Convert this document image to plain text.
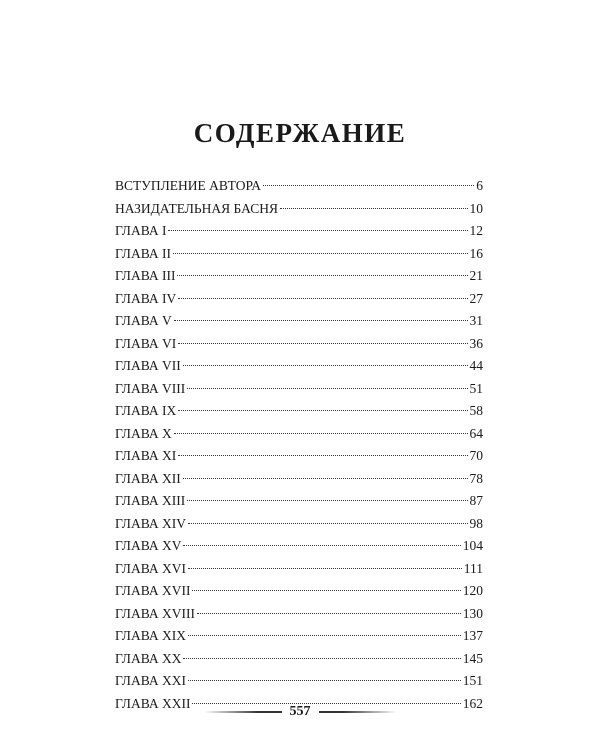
СОДЕРЖАНИЕ
ВСТУПЛЕНИЕ АВТОРА	6
НАЗИДАТЕЛЬНАЯ БАСНЯ	10
ГЛАВА I	12
ГЛАВА II	16
ГЛАВА III	21
ГЛАВА IV	27
ГЛАВА V	31
ГЛАВА VI	36
ГЛАВА VII	44
ГЛАВА VIII	51
ГЛАВА IX	58
ГЛАВА X	64
ГЛАВА XI	70
ГЛАВА XII	78
ГЛАВА XIII	87
ГЛАВА XIV	98
ГЛАВА XV	104
ГЛАВА XVI	111
ГЛАВА XVII	120
ГЛАВА XVIII	130
ГЛАВА XIX	137
ГЛАВА XX	145
ГЛАВА XXI	151
ГЛАВА XXII	162
557
